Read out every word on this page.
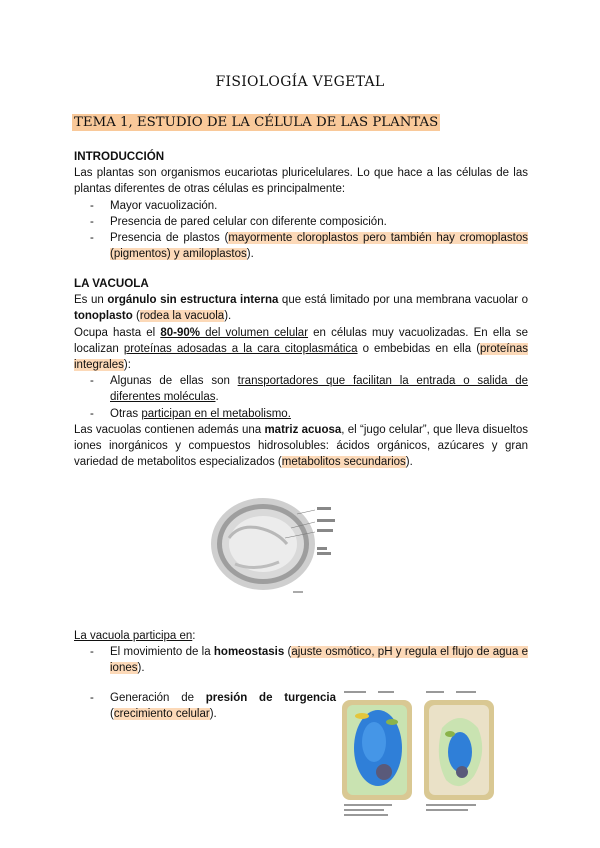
FISIOLOGÍA VEGETAL
TEMA 1, ESTUDIO DE LA CÉLULA DE LAS PLANTAS
INTRODUCCIÓN
Las plantas son organismos eucariotas pluricelulares. Lo que hace a las células de las plantas diferentes de otras células es principalmente:
- Mayor vacuolización.
- Presencia de pared celular con diferente composición.
- Presencia de plastos (mayormente cloroplastos pero también hay cromoplastos (pigmentos) y amiloplastos).
LA VACUOLA
Es un orgánulo sin estructura interna que está limitado por una membrana vacuolar o tonoplasto (rodea la vacuola).
Ocupa hasta el 80-90% del volumen celular en células muy vacuolizadas. En ella se localizan proteínas adosadas a la cara citoplasmática o embebidas en ella (proteínas integrales):
- Algunas de ellas son transportadores que facilitan la entrada o salida de diferentes moléculas.
- Otras participan en el metabolismo.
Las vacuolas contienen además una matriz acuosa, el “jugo celular”, que lleva disueltos iones inorgánicos y compuestos hidrosolubles: ácidos orgánicos, azúcares y gran variedad de metabolitos especializados (metabolitos secundarios).
La vacuola participa en:
- El movimiento de la homeostasis (ajuste osmótico, pH y regula el flujo de agua e iones).
- Generación de presión de turgencia (crecimiento celular).
